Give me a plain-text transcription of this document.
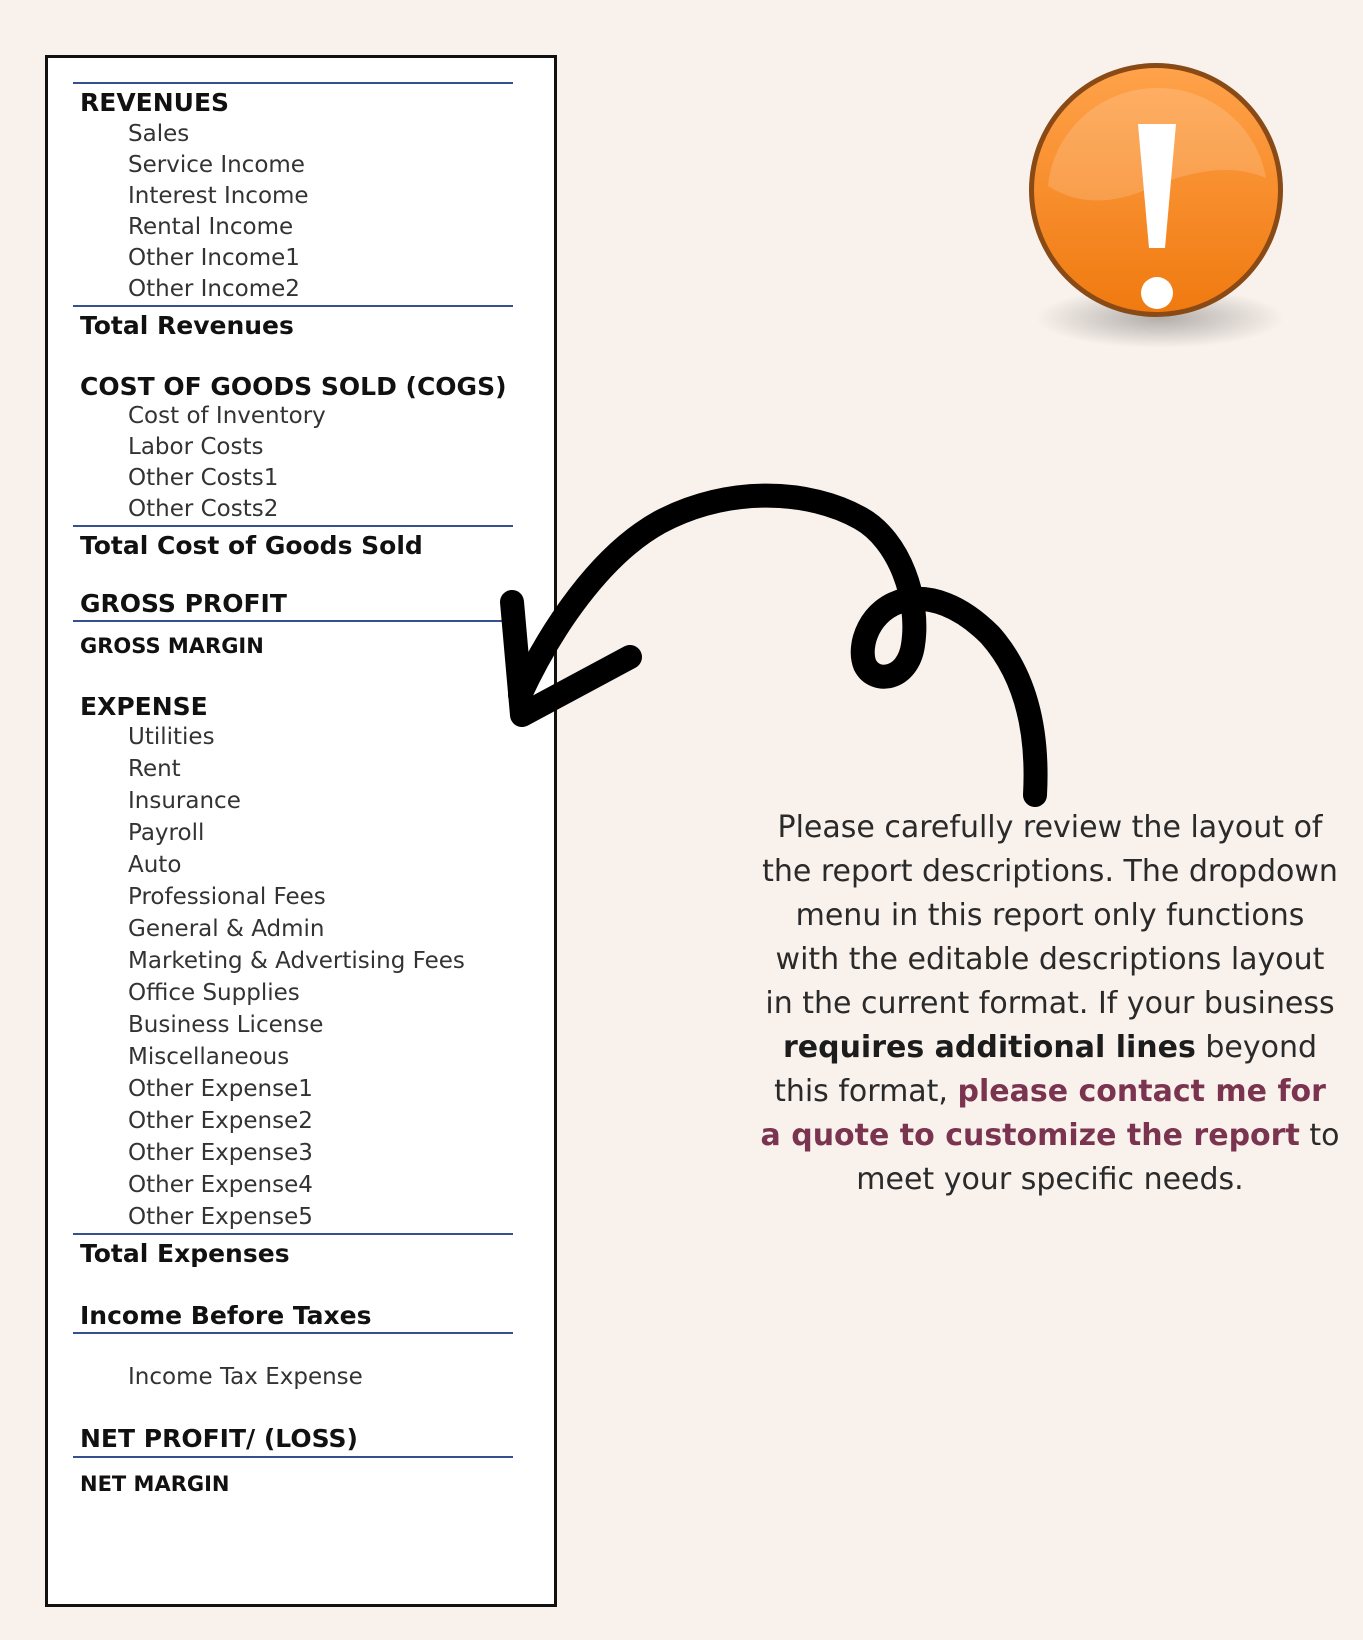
REVENUES
Sales
Service Income
Interest Income
Rental Income
Other Income1
Other Income2
Total Revenues
COST OF GOODS SOLD (COGS)
Cost of Inventory
Labor Costs
Other Costs1
Other Costs2
Total Cost of Goods Sold
GROSS PROFIT
GROSS MARGIN
EXPENSE
Utilities
Rent
Insurance
Payroll
Auto
Professional Fees
General & Admin
Marketing & Advertising Fees
Office Supplies
Business License
Miscellaneous
Other Expense1
Other Expense2
Other Expense3
Other Expense4
Other Expense5
Total Expenses
Income Before Taxes
Income Tax Expense
NET PROFIT/ (LOSS)
NET MARGIN
Please carefully review the layout of the report descriptions. The dropdown menu in this report only functions with the editable descriptions layout in the current format. If your business requires additional lines beyond this format, please contact me for a quote to customize the report to meet your specific needs.
